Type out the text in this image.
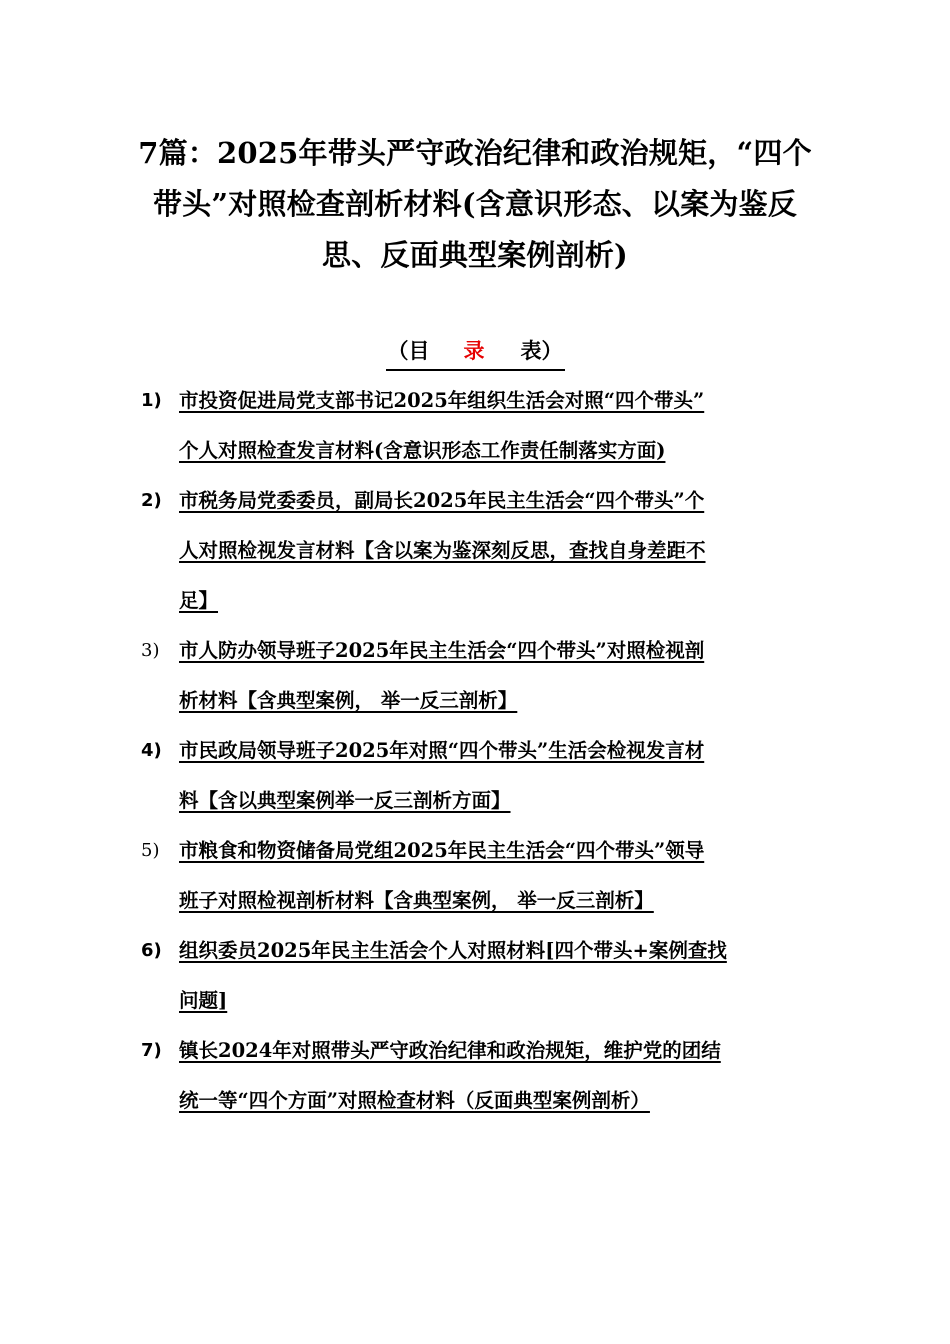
7篇：2025年带头严守政治纪律和政治规矩，“四个
带头”对照检查剖析材料(含意识形态、以案为鉴反
思、反面典型案例剖析)
（目 录 表）
1) 市投资促进局党支部书记2025年组织生活会对照“四个带头”
个人对照检查发言材料(含意识形态工作责任制落实方面)
2) 市税务局党委委员，副局长2025年民主生活会“四个带头”个
人对照检视发言材料【含以案为鉴深刻反思，查找自身差距不
足】
3)	市人防办领导班子2025年民主生活会“四个带头”对照检视剖
析材料【含典型案例， 举一反三剖析】
4) 市民政局领导班子2025年对照“四个带头”生活会检视发言材
料【含以典型案例举一反三剖析方面】
5)	市粮食和物资储备局党组2025年民主生活会“四个带头”领导
班子对照检视剖析材料【含典型案例， 举一反三剖析】
6) 组织委员2025年民主生活会个人对照材料[四个带头+案例查找
问题]
7) 镇长2024年对照带头严守政治纪律和政治规矩，维护党的团结
统一等“四个方面”对照检查材料（反面典型案例剖析）
